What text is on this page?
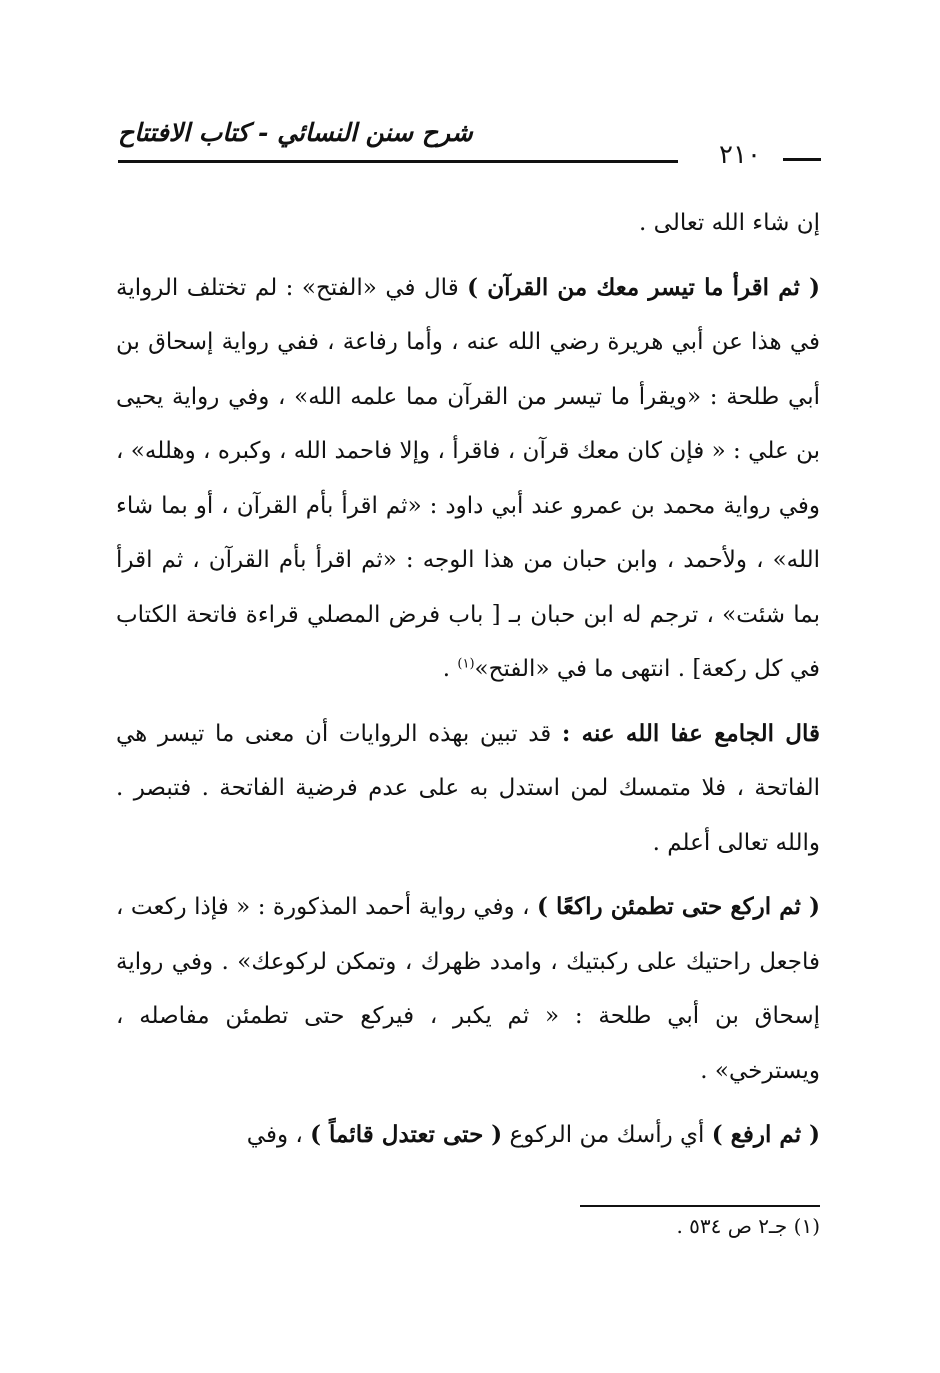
شرح سنن النسائي - كتاب الافتتاح
٢١٠

إن شاء الله تعالى .

( ثم اقرأ ما تيسر معك من القرآن ) قال في «الفتح» : لم تختلف الرواية في هذا عن أبي هريرة رضي الله عنه ، وأما رفاعة ، ففي رواية إسحاق بن أبي طلحة : «ويقرأ ما تيسر من القرآن مما علمه الله» ، وفي رواية يحيى بن علي : « فإن كان معك قرآن ، فاقرأ ، وإلا فاحمد الله ، وكبره ، وهلله» ، وفي رواية محمد بن عمرو عند أبي داود : «ثم اقرأ بأم القرآن ، أو بما شاء الله» ، ولأحمد ، وابن حبان من هذا الوجه : «ثم اقرأ بأم القرآن ، ثم اقرأ بما شئت» ، ترجم له ابن حبان بـ [ باب فرض المصلي قراءة فاتحة الكتاب في كل ركعة] . انتهى ما في «الفتح»$^{(١)}$ .

قال الجامع عفا الله عنه : قد تبين بهذه الروايات أن معنى ما تيسر هي الفاتحة ، فلا متمسك لمن استدل به على عدم فرضية الفاتحة . فتبصر . والله تعالى أعلم .

( ثم اركع حتى تطمئن راكعًا ) ، وفي رواية أحمد المذكورة : « فإذا ركعت ، فاجعل راحتيك على ركبتيك ، وامدد ظهرك ، وتمكن لركوعك» . وفي رواية إسحاق بن أبي طلحة : « ثم يكبر ، فيركع حتى تطمئن مفاصله ، ويسترخي» .

( ثم ارفع ) أي رأسك من الركوع ( حتى تعتدل قائماً ) ، وفي

(١) جـ٢ ص ٥٣٤ .
